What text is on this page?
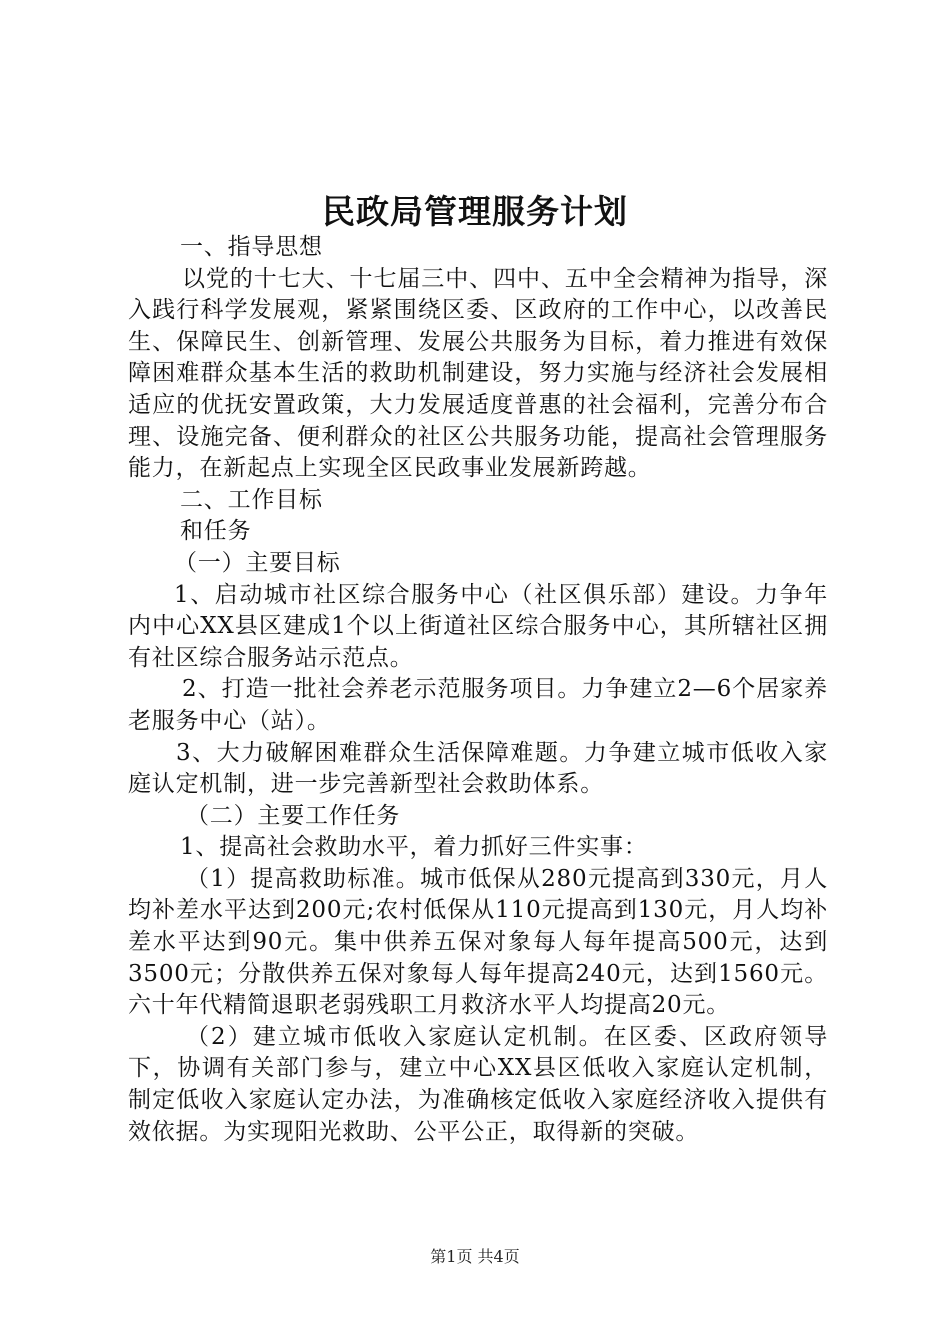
民政局管理服务计划

一、指导思想

以党的十七大、十七届三中、四中、五中全会精神为指导，深入践行科学发展观，紧紧围绕区委、区政府的工作中心，以改善民生、保障民生、创新管理、发展公共服务为目标，着力推进有效保障困难群众基本生活的救助机制建设，努力实施与经济社会发展相适应的优抚安置政策，大力发展适度普惠的社会福利，完善分布合理、设施完备、便利群众的社区公共服务功能，提高社会管理服务能力，在新起点上实现全区民政事业发展新跨越。

二、工作目标

和任务

（一）主要目标

1、启动城市社区综合服务中心（社区俱乐部）建设。力争年内中心XX县区建成1个以上街道社区综合服务中心，其所辖社区拥有社区综合服务站示范点。

2、打造一批社会养老示范服务项目。力争建立2—6个居家养老服务中心（站）。

3、大力破解困难群众生活保障难题。力争建立城市低收入家庭认定机制，进一步完善新型社会救助体系。

（二）主要工作任务

1、提高社会救助水平，着力抓好三件实事：

（1）提高救助标准。城市低保从280元提高到330元，月人均补差水平达到200元;农村低保从110元提高到130元，月人均补差水平达到90元。集中供养五保对象每人每年提高500元，达到3500元；分散供养五保对象每人每年提高240元，达到1560元。六十年代精简退职老弱残职工月救济水平人均提高20元。

（2）建立城市低收入家庭认定机制。在区委、区政府领导下，协调有关部门参与，建立中心XX县区低收入家庭认定机制，制定低收入家庭认定办法，为准确核定低收入家庭经济收入提供有效依据。为实现阳光救助、公平公正，取得新的突破。

第1页 共4页
